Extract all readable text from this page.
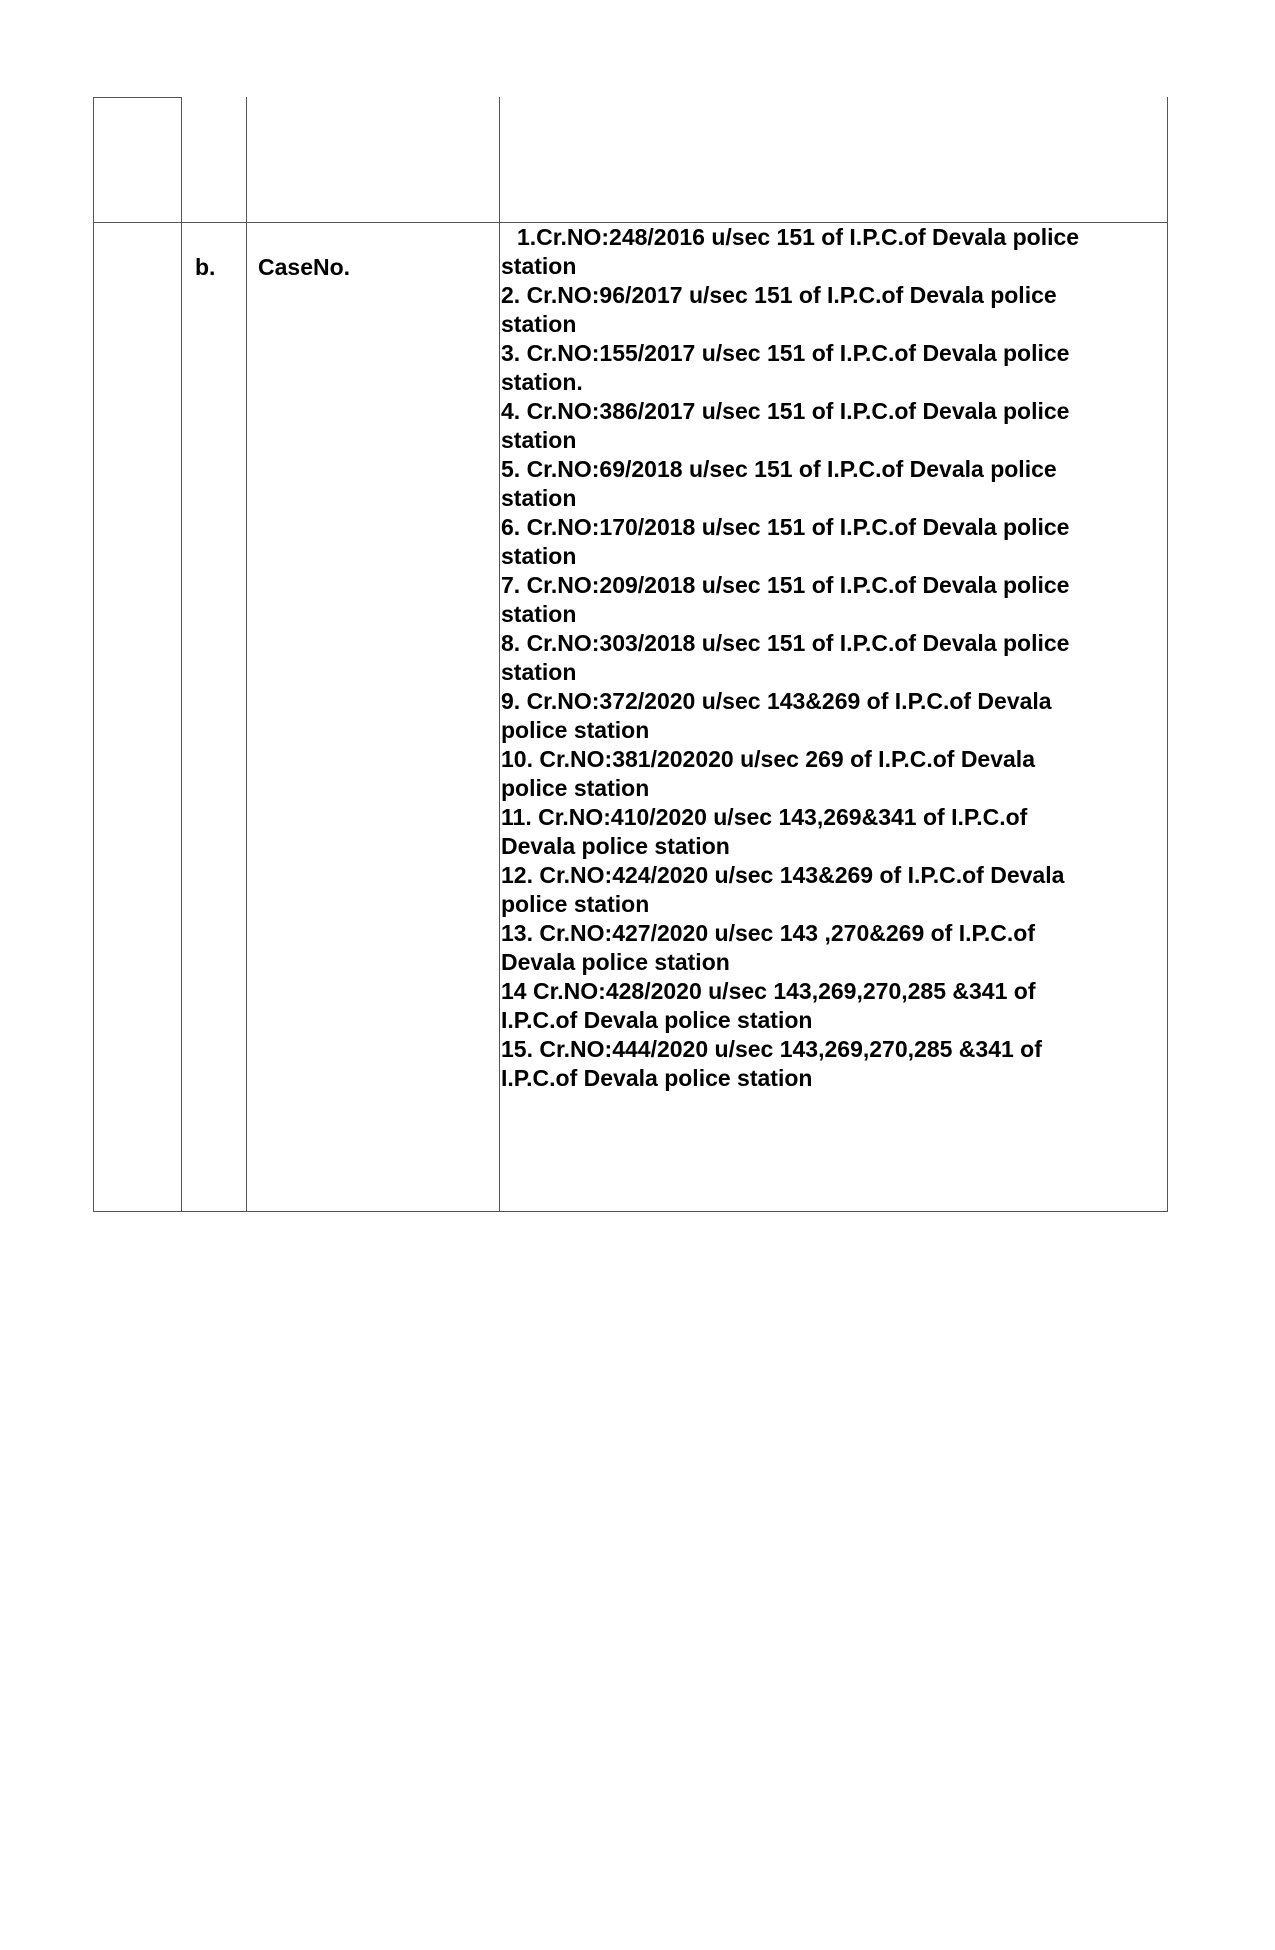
b. CaseNo.
1.Cr.NO:248/2016 u/sec 151 of I.P.C.of Devala police
station
2. Cr.NO:96/2017 u/sec 151 of I.P.C.of Devala police
station
3. Cr.NO:155/2017 u/sec 151 of I.P.C.of Devala police
station.
4. Cr.NO:386/2017 u/sec 151 of I.P.C.of Devala police
station
5. Cr.NO:69/2018 u/sec 151 of I.P.C.of Devala police
station
6. Cr.NO:170/2018 u/sec 151 of I.P.C.of Devala police
station
7. Cr.NO:209/2018 u/sec 151 of I.P.C.of Devala police
station
8. Cr.NO:303/2018 u/sec 151 of I.P.C.of Devala police
station
9. Cr.NO:372/2020 u/sec 143&269 of I.P.C.of Devala
police station
10. Cr.NO:381/202020 u/sec 269 of I.P.C.of Devala
police station
11. Cr.NO:410/2020 u/sec 143,269&341 of I.P.C.of
Devala police station
12. Cr.NO:424/2020 u/sec 143&269 of I.P.C.of Devala
police station
13. Cr.NO:427/2020 u/sec 143 ,270&269 of I.P.C.of
Devala police station
14 Cr.NO:428/2020 u/sec 143,269,270,285 &341 of
I.P.C.of Devala police station
15. Cr.NO:444/2020 u/sec 143,269,270,285 &341 of
I.P.C.of Devala police station
